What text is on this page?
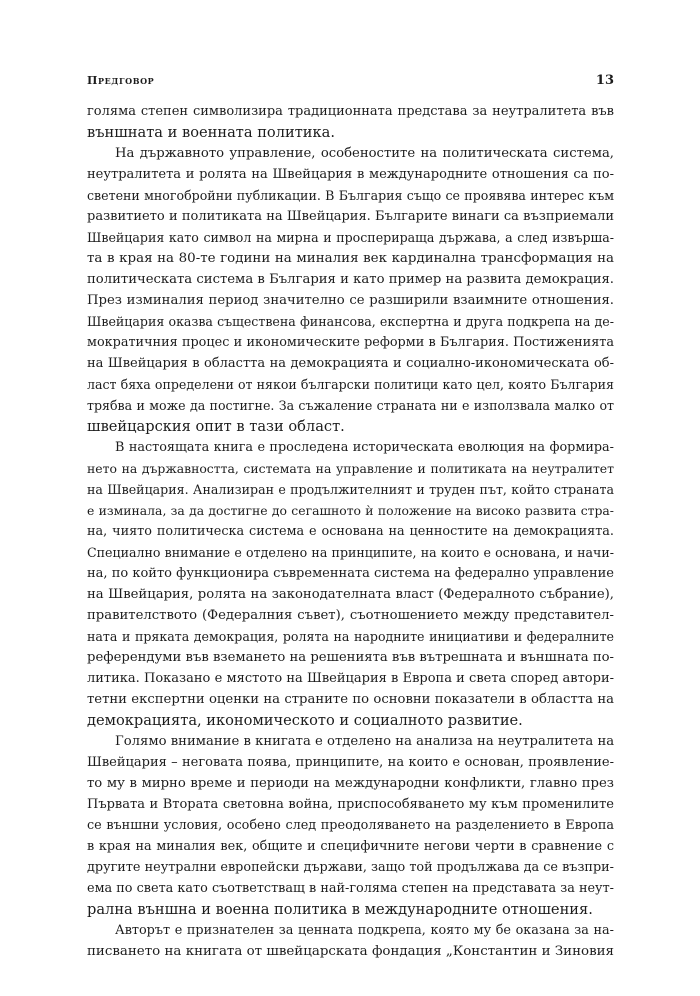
Предговор	13
голяма степен символизира традиционната представа за неутралитета във
външната и военната политика.
На държавното управление, особеностите на политическата система,
неутралитета и ролята на Швейцария в международните отношения са по-
светени многобройни публикации. В България също се проявява интерес към
развитието и политиката на Швейцария. Българите винаги са възприемали
Швейцария като символ на мирна и просперираща държава, а след извърша-
та в края на 80-те години на миналия век кардинална трансформация на
политическата система в България и като пример на развита демокрация.
През изминалия период значително се разширили взаимните отношения.
Швейцария оказва съществена финансова, експертна и друга подкрепа на де-
мократичния процес и икономическите реформи в България. Постиженията
на Швейцария в областта на демокрацията и социално-икономическата об-
ласт бяха определени от някои български политици като цел, която България
трябва и може да постигне. За съжаление страната ни е използвала малко от
швейцарския опит в тази област.
В настоящата книга е проследена историческата еволюция на формира-
нето на държавността, системата на управление и политиката на неутралитет
на Швейцария. Анализиран е продължителният и труден път, който страната
е изминала, за да достигне до сегашното ѝ положение на високо развита стра-
на, чиято политическа система е основана на ценностите на демокрацията.
Специално внимание е отделено на принципите, на които е основана, и начи-
на, по който функционира съвременната система на федерално управление
на Швейцария, ролята на законодателната власт (Федералното събрание),
правителството (Федералния съвет), съотношението между представител-
ната и пряката демокрация, ролята на народните инициативи и федералните
референдуми във вземането на решенията във вътрешната и външната по-
литика. Показано е мястото на Швейцария в Европа и света според автори-
тетни експертни оценки на страните по основни показатели в областта на
демокрацията, икономическото и социалното развитие.
Голямо внимание в книгата е отделено на анализа на неутралитета на
Швейцария – неговата поява, принципите, на които е основан, проявление-
то му в мирно време и периоди на международни конфликти, главно през
Първата и Втората световна война, приспособяването му към променилите
се външни условия, особено след преодоляването на разделението в Европа
в края на миналия век, общите и специфичните негови черти в сравнение с
другите неутрални европейски държави, защо той продължава да се възпри-
ема по света като съответстващ в най-голяма степен на представата за неут-
рална външна и военна политика в международните отношения.
Авторът е признателен за ценната подкрепа, която му бе оказана за на-
писването на книгата от швейцарската фондация „Константин и Зиновия
